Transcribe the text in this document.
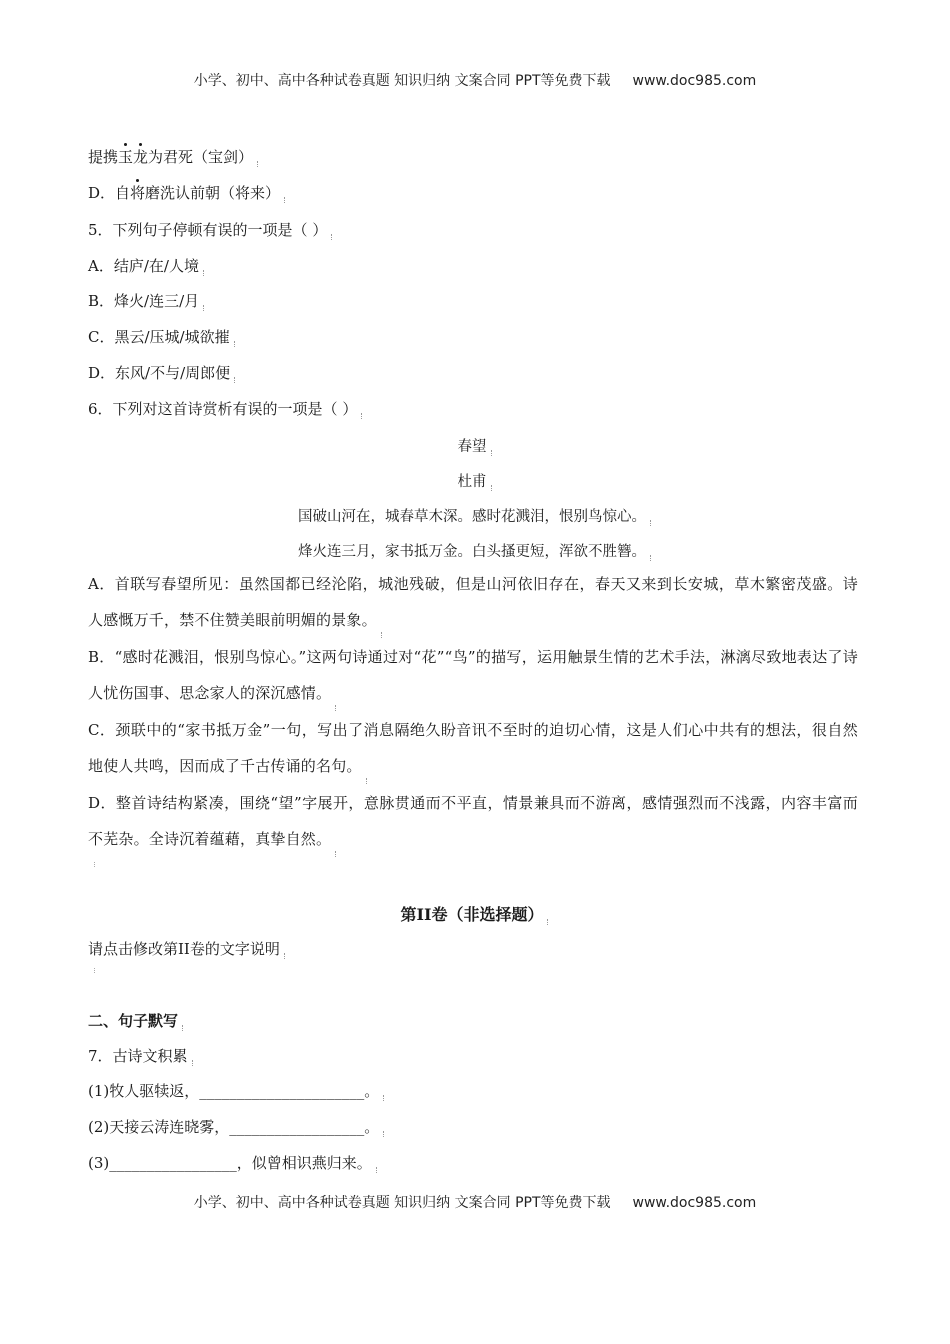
小学、初中、高中各种试卷真题 知识归纳 文案合同 PPT等免费下载 www.doc985.com
提携玉龙为君死（宝剑）
D．自将磨洗认前朝（将来）
5．下列句子停顿有误的一项是（ ）
A．结庐/在/人境
B．烽火/连三/月
C．黑云/压城/城欲摧
D．东风/不与/周郎便
6．下列对这首诗赏析有误的一项是（ ）
春望
杜甫
国破山河在，城春草木深。感时花溅泪，恨别鸟惊心。
烽火连三月，家书抵万金。白头搔更短，浑欲不胜簪。
A．首联写春望所见：虽然国都已经沦陷，城池残破，但是山河依旧存在，春天又来到长安城，草木繁密茂盛。诗人感慨万千，禁不住赞美眼前明媚的景象。
B．“感时花溅泪，恨别鸟惊心。”这两句诗通过对“花”“鸟”的描写，运用触景生情的艺术手法，淋漓尽致地表达了诗人忧伤国事、思念家人的深沉感情。
C．颈联中的“家书抵万金”一句，写出了消息隔绝久盼音讯不至时的迫切心情，这是人们心中共有的想法，很自然地使人共鸣，因而成了千古传诵的名句。
D．整首诗结构紧凑，围绕“望”字展开，意脉贯通而不平直，情景兼具而不游离，感情强烈而不浅露，内容丰富而不芜杂。全诗沉着蕴藉，真挚自然。
第II卷（非选择题）
请点击修改第II卷的文字说明
二、句子默写
7．古诗文积累
(1)牧人驱犊返，______________________。
(2)天接云涛连晓雾，__________________。
(3)_________________，似曾相识燕归来。
小学、初中、高中各种试卷真题 知识归纳 文案合同 PPT等免费下载 www.doc985.com
